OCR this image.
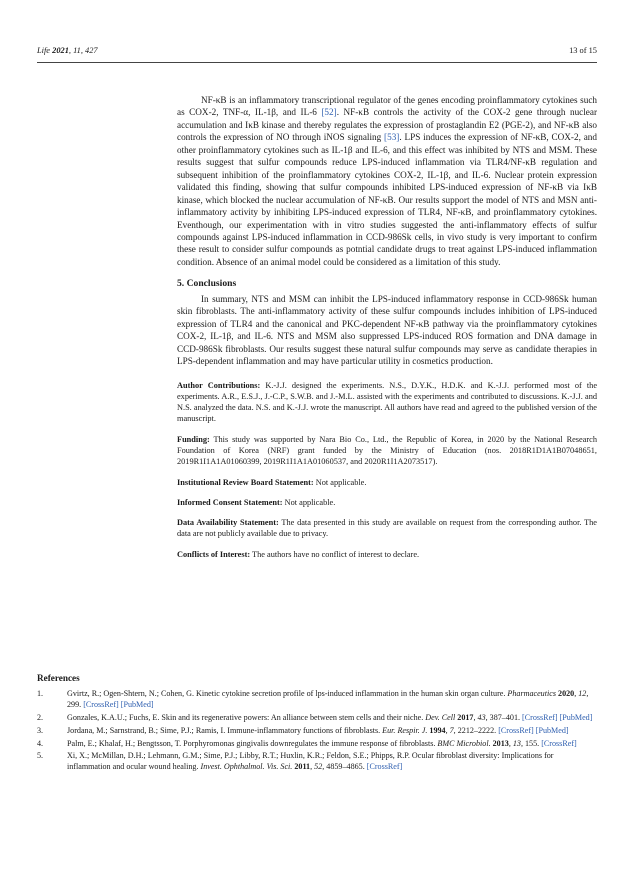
Life 2021, 11, 427	13 of 15

NF-κB is an inflammatory transcriptional regulator of the genes encoding proinflammatory cytokines such as COX-2, TNF-α, IL-1β, and IL-6 [52]. NF-κB controls the activity of the COX-2 gene through nuclear accumulation and IκB kinase and thereby regulates the expression of prostaglandin E2 (PGE-2), and NF-κB also controls the expression of NO through iNOS signaling [53]. LPS induces the expression of NF-κB, COX-2, and other proinflammatory cytokines such as IL-1β and IL-6, and this effect was inhibited by NTS and MSM. These results suggest that sulfur compounds reduce LPS-induced inflammation via TLR4/NF-κB regulation and subsequent inhibition of the proinflammatory cytokines COX-2, IL-1β, and IL-6. Nuclear protein expression validated this finding, showing that sulfur compounds inhibited LPS-induced expression of NF-κB via IκB kinase, which blocked the nuclear accumulation of NF-κB. Our results support the model of NTS and MSN anti-inflammatory activity by inhibiting LPS-induced expression of TLR4, NF-κB, and proinflammatory cytokines. Eventhough, our experimentation with in vitro studies suggested the anti-inflammatory effects of sulfur compounds against LPS-induced inflammation in CCD-986Sk cells, in vivo study is very important to confirm these result to consider sulfur compounds as potntial candidate drugs to treat against LPS-induced inflammation condition. Absence of an animal model could be considered as a limitation of this study.

5. Conclusions

In summary, NTS and MSM can inhibit the LPS-induced inflammatory response in CCD-986Sk human skin fibroblasts. The anti-inflammatory activity of these sulfur compounds includes inhibition of LPS-induced expression of TLR4 and the canonical and PKC-dependent NF-κB pathway via the proinflammatory cytokines COX-2, IL-1β, and IL-6. NTS and MSM also suppressed LPS-induced ROS formation and DNA damage in CCD-986Sk fibroblasts. Our results suggest these natural sulfur compounds may serve as candidate therapies in LPS-dependent inflammation and may have particular utility in cosmetics production.

Author Contributions: K.-J.J. designed the experiments. N.S., D.Y.K., H.D.K. and K.-J.J. performed most of the experiments. A.R., E.S.J., J.-C.P., S.W.B. and J.-M.L. assisted with the experiments and contributed to discussions. K.-J.J. and N.S. analyzed the data. N.S. and K.-J.J. wrote the manuscript. All authors have read and agreed to the published version of the manuscript.

Funding: This study was supported by Nara Bio Co., Ltd., the Republic of Korea, in 2020 by the National Research Foundation of Korea (NRF) grant funded by the Ministry of Education (nos. 2018R1D1A1B07048651, 2019R1I1A1A01060399, 2019R1I1A1A01060537, and 2020R1I1A2073517).

Institutional Review Board Statement: Not applicable.

Informed Consent Statement: Not applicable.

Data Availability Statement: The data presented in this study are available on request from the corresponding author. The data are not publicly available due to privacy.

Conflicts of Interest: The authors have no conflict of interest to declare.

References
1.	Gvirtz, R.; Ogen-Shtern, N.; Cohen, G. Kinetic cytokine secretion profile of lps-induced inflammation in the human skin organ culture. Pharmaceutics 2020, 12, 299. [CrossRef] [PubMed]
2.	Gonzales, K.A.U.; Fuchs, E. Skin and its regenerative powers: An alliance between stem cells and their niche. Dev. Cell 2017, 43, 387–401. [CrossRef] [PubMed]
3.	Jordana, M.; Sarnstrand, B.; Sime, P.J.; Ramis, I. Immune-inflammatory functions of fibroblasts. Eur. Respir. J. 1994, 7, 2212–2222. [CrossRef] [PubMed]
4.	Palm, E.; Khalaf, H.; Bengtsson, T. Porphyromonas gingivalis downregulates the immune response of fibroblasts. BMC Microbiol. 2013, 13, 155. [CrossRef]
5.	Xi, X.; McMillan, D.H.; Lehmann, G.M.; Sime, P.J.; Libby, R.T.; Huxlin, K.R.; Feldon, S.E.; Phipps, R.P. Ocular fibroblast diversity: Implications for inflammation and ocular wound healing. Invest. Ophthalmol. Vis. Sci. 2011, 52, 4859–4865. [CrossRef]
